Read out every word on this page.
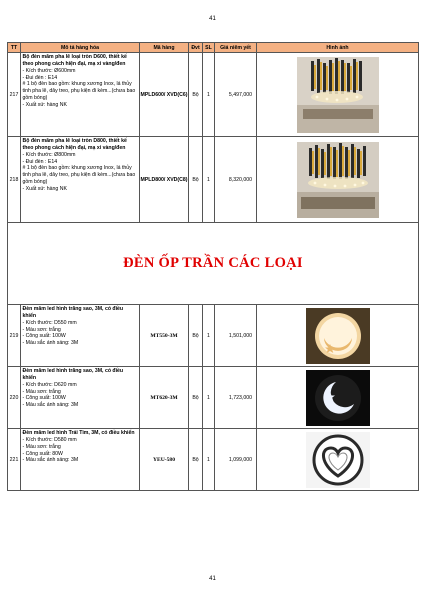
41
TT	Mô tả hàng hóa	Mã hàng	Đvt	SL	Giá niêm yết	Hình ảnh
217	Bộ đèn mâm pha lê loại tròn D600, thiết kế theo phong cách hiện đại, mạ xi vàng/đen
- Kích thước: Ø600mm
- Đui đèn : E14
# 1 bộ đèn bao gồm: khung xương Inox, lá thủy tinh pha lê, dây treo, phụ kiện đi kèm...(chưa bao gồm bóng)
- Xuất xứ: hàng NK	MPLD600/ XVD(C6)	Bộ	1	5,497,000	

218	Bộ đèn mâm pha lê loại tròn D800, thiết kế theo phong cách hiện đại, mạ xi vàng/đen
- Kích thước: Ø800mm
- Đui đèn : E14
# 1 bộ đèn bao gồm: khung xương Inox, lá thủy tinh pha lê, dây treo, phụ kiện đi kèm...(chưa bao gồm bóng)
- Xuất xứ: hàng NK	MPLD800/ XVD(C8)	Bộ	1	8,320,000	

ĐÈN ỐP TRẦN CÁC LOẠI						
219	Đèn mâm led hình trăng sao, 3M, có điều khiển
- Kích thước: D550 mm
- Màu sơn: trắng
- Công suất: 100W
- Màu sắc ánh sáng: 3M	MT550-3M	Bộ	1	1,501,000	

220	Đèn mâm led hình trăng sao, 3M, có điều khiển
- Kích thước: D620 mm
- Màu sơn: trắng
- Công suất: 100W
- Màu sắc ánh sáng: 3M	MT620-3M	Bộ	1	1,723,000	

221	Đèn mâm led hình Trái Tim, 3M, có điều khiển
- Kích thước: D580 mm
- Màu sơn: trắng
- Công suất: 80W
- Màu sắc ánh sáng: 3M	YEU-580	Bộ	1	1,099,000	
41
